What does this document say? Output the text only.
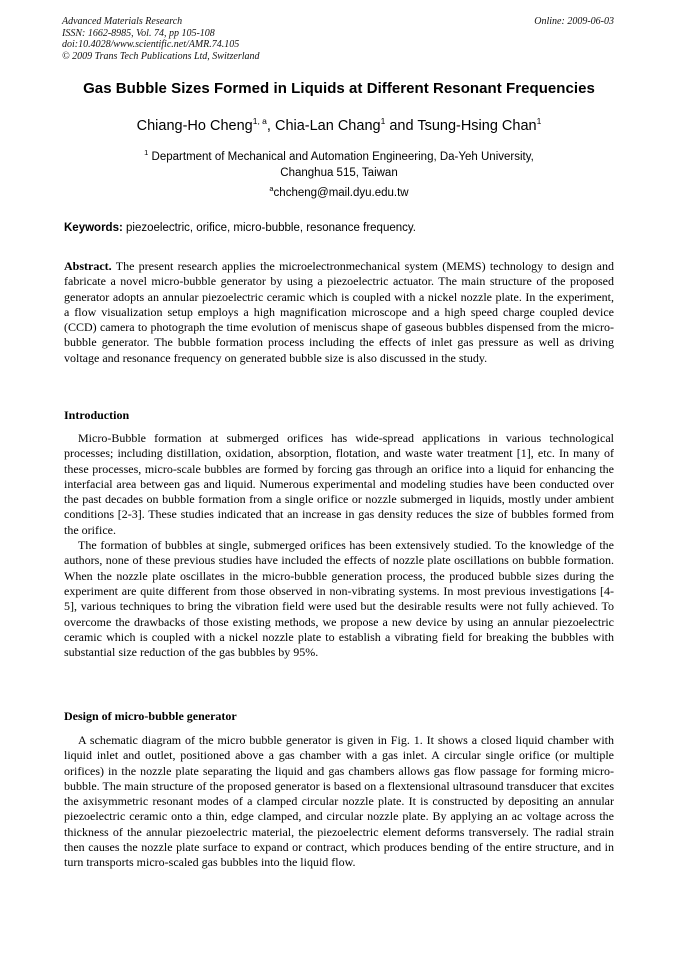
Advanced Materials Research
ISSN: 1662-8985, Vol. 74, pp 105-108
doi:10.4028/www.scientific.net/AMR.74.105
© 2009 Trans Tech Publications Ltd, Switzerland
Online: 2009-06-03
Gas Bubble Sizes Formed in Liquids at Different Resonant Frequencies
Chiang-Ho Cheng$^{1, a}$, Chia-Lan Chang$^1$ and Tsung-Hsing Chan$^1$
$^1$ Department of Mechanical and Automation Engineering, Da-Yeh University,
Changhua 515, Taiwan
$^a$chcheng@mail.dyu.edu.tw
Keywords: piezoelectric, orifice, micro-bubble, resonance frequency.
Abstract. The present research applies the microelectronmechanical system (MEMS) technology to design and fabricate a novel micro-bubble generator by using a piezoelectric actuator. The main structure of the proposed generator adopts an annular piezoelectric ceramic which is coupled with a nickel nozzle plate. In the experiment, a flow visualization setup employs a high magnification microscope and a high speed charge coupled device (CCD) camera to photograph the time evolution of meniscus shape of gaseous bubbles dispensed from the micro-bubble generator. The bubble formation process including the effects of inlet gas pressure as well as driving voltage and resonance frequency on generated bubble size is also discussed in the study.
Introduction

Micro-Bubble formation at submerged orifices has wide-spread applications in various technological processes; including distillation, oxidation, absorption, flotation, and waste water treatment [1], etc. In many of these processes, micro-scale bubbles are formed by forcing gas through an orifice into a liquid for enhancing the interfacial area between gas and liquid. Numerous experimental and modeling studies have been conducted over the past decades on bubble formation from a single orifice or nozzle submerged in liquids, mostly under ambient conditions [2-3]. These studies indicated that an increase in gas density reduces the size of bubbles formed from the orifice.

The formation of bubbles at single, submerged orifices has been extensively studied. To the knowledge of the authors, none of these previous studies have included the effects of nozzle plate oscillations on bubble formation. When the nozzle plate oscillates in the micro-bubble generation process, the produced bubble sizes during the experiment are quite different from those observed in non-vibrating systems. In most previous investigations [4-5], various techniques to bring the vibration field were used but the desirable results were not fully achieved. To overcome the drawbacks of those existing methods, we propose a new device by using an annular piezoelectric ceramic which is coupled with a nickel nozzle plate to establish a vibrating field for breaking the bubbles with substantial size reduction of the gas bubbles by 95%.

Design of micro-bubble generator

A schematic diagram of the micro bubble generator is given in Fig. 1. It shows a closed liquid chamber with liquid inlet and outlet, positioned above a gas chamber with a gas inlet. A circular single orifice (or multiple orifices) in the nozzle plate separating the liquid and gas chambers allows gas flow passage for forming micro-bubble. The main structure of the proposed generator is based on a flextensional ultrasound transducer that excites the axisymmetric resonant modes of a clamped circular nozzle plate. It is constructed by depositing an annular piezoelectric ceramic onto a thin, edge clamped, and circular nozzle plate. By applying an ac voltage across the thickness of the annular piezoelectric material, the piezoelectric element deforms transversely. The radial strain then causes the nozzle plate surface to expand or contract, which produces bending of the entire structure, and in turn transports micro-scaled gas bubbles into the liquid flow.
